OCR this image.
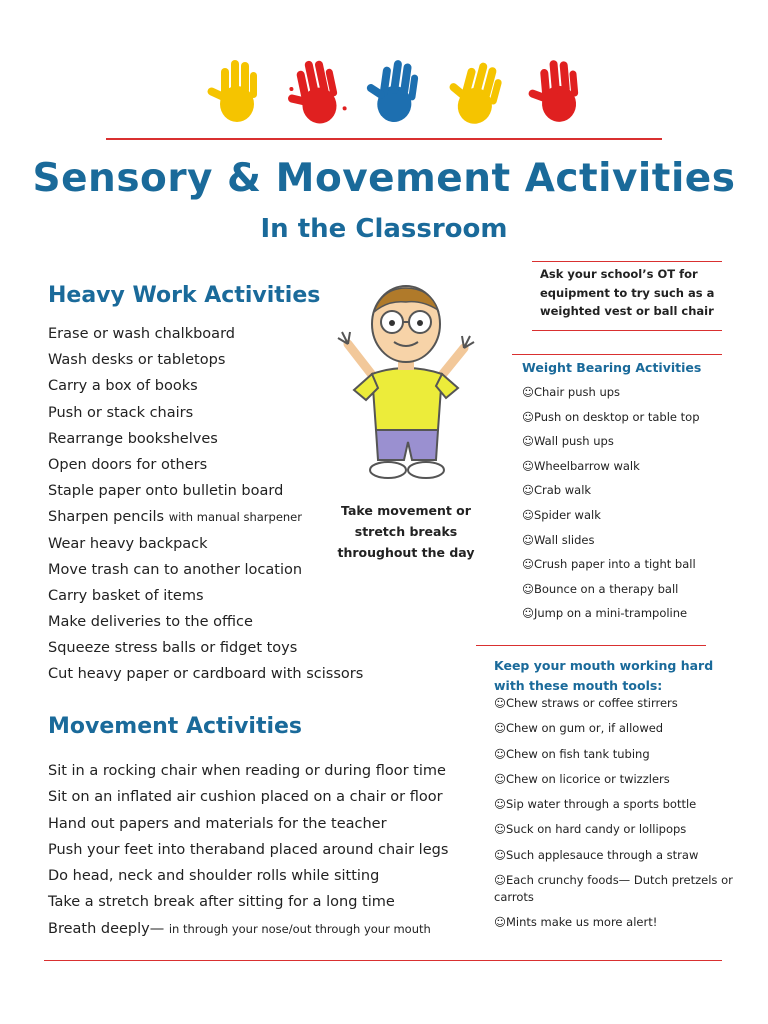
Sensory & Movement Activities
In the Classroom
Heavy Work Activities
Erase or wash chalkboard
Wash desks or tabletops
Carry a box of books
Push or stack chairs
Rearrange bookshelves
Open doors for others
Staple paper onto bulletin board
Sharpen pencils with manual sharpener
Wear heavy backpack
Move trash can to another location
Carry basket of items
Make deliveries to the office
Squeeze stress balls or fidget toys
Cut heavy paper or cardboard with scissors
Movement Activities
Sit in a rocking chair when reading or during floor time
Sit on an inflated air cushion placed on a chair or floor
Hand out papers and materials for the teacher
Push your feet into theraband placed around chair legs
Do head, neck and shoulder rolls while sitting
Take a stretch break after sitting for a long time
Breath deeply— in through your nose/out through your mouth
Take movement or stretch breaks throughout the day
Ask your school’s OT for equipment to try such as a weighted vest or ball chair
Weight Bearing Activities
☺Chair push ups
☺Push on desktop or table top
☺Wall push ups
☺Wheelbarrow walk
☺Crab walk
☺Spider walk
☺Wall slides
☺Crush paper into a tight ball
☺Bounce on a therapy ball
☺Jump on a mini-trampoline
Keep your mouth working hard with these mouth tools:
☺Chew straws or coffee stirrers
☺Chew on gum or, if allowed
☺Chew on fish tank tubing
☺Chew on licorice or twizzlers
☺Sip water through a sports bottle
☺Suck on hard candy or lollipops
☺Such applesauce through a straw
☺Each crunchy foods— Dutch pretzels or carrots
☺Mints make us more alert!
